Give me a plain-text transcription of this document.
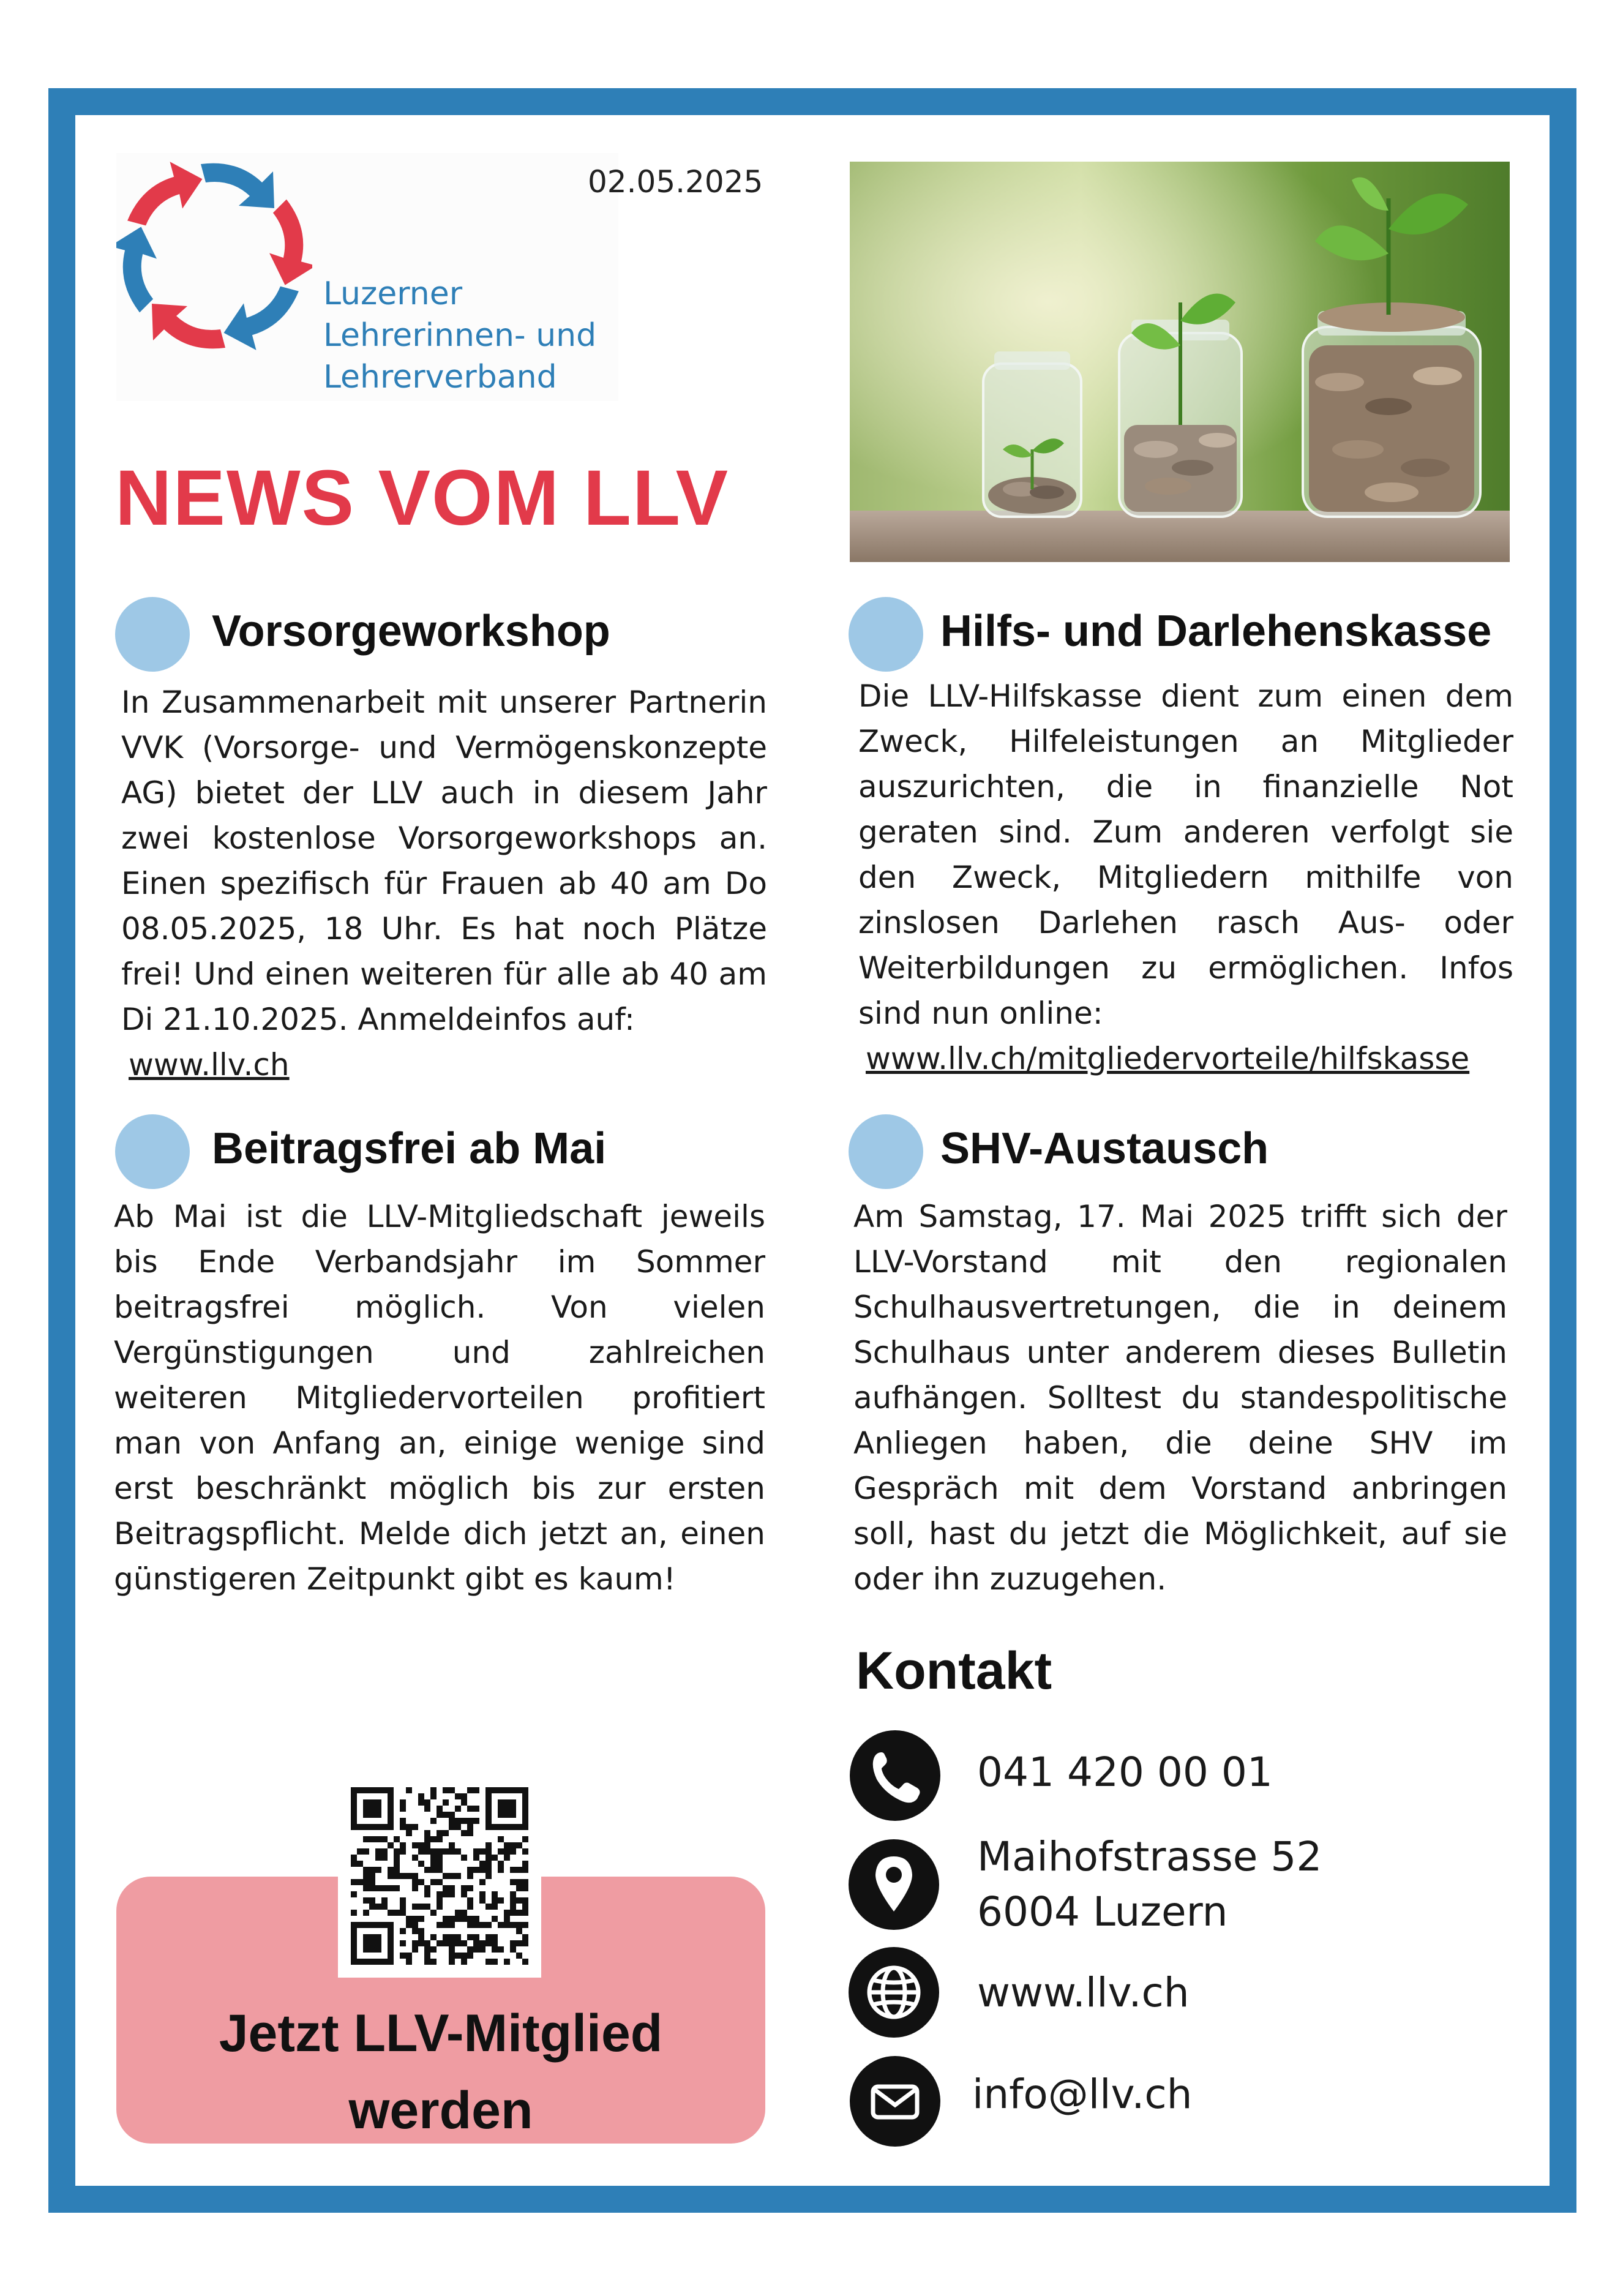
Luzerner
Lehrerinnen- und
Lehrerverband
02.05.2025
NEWS VOM LLV
Vorsorgeworkshop
In Zusammenarbeit mit unserer Partnerin
VVK (Vorsorge- und Vermögenskonzepte
AG) bietet der LLV auch in diesem Jahr
zwei kostenlose Vorsorgeworkshops an.
Einen spezifisch für Frauen ab 40 am Do
08.05.2025, 18 Uhr. Es hat noch Plätze
frei! Und einen weiteren für alle ab 40 am
Di 21.10.2025. Anmeldeinfos auf:
www.llv.ch
Hilfs- und Darlehenskasse
Die LLV-Hilfskasse dient zum einen dem
Zweck, Hilfeleistungen an Mitglieder
auszurichten, die in finanzielle Not
geraten sind. Zum anderen verfolgt sie
den Zweck, Mitgliedern mithilfe von
zinslosen Darlehen rasch Aus- oder
Weiterbildungen zu ermöglichen. Infos
sind nun online:
www.llv.ch/mitgliedervorteile/hilfskasse
Beitragsfrei ab Mai
Ab Mai ist die LLV-Mitgliedschaft jeweils
bis Ende Verbandsjahr im Sommer
beitragsfrei möglich. Von vielen
Vergünstigungen und zahlreichen
weiteren Mitgliedervorteilen profitiert
man von Anfang an, einige wenige sind
erst beschränkt möglich bis zur ersten
Beitragspflicht. Melde dich jetzt an, einen
günstigeren Zeitpunkt gibt es kaum!
SHV-Austausch
Am Samstag, 17. Mai 2025 trifft sich der
LLV-Vorstand mit den regionalen
Schulhausvertretungen, die in deinem
Schulhaus unter anderem dieses Bulletin
aufhängen. Solltest du standespolitische
Anliegen haben, die deine SHV im
Gespräch mit dem Vorstand anbringen
soll, hast du jetzt die Möglichkeit, auf sie
oder ihn zuzugehen.
Kontakt
041 420 00 01
Maihofstrasse 52
6004 Luzern
www.llv.ch
info@llv.ch
Jetzt LLV-Mitglied
werden
